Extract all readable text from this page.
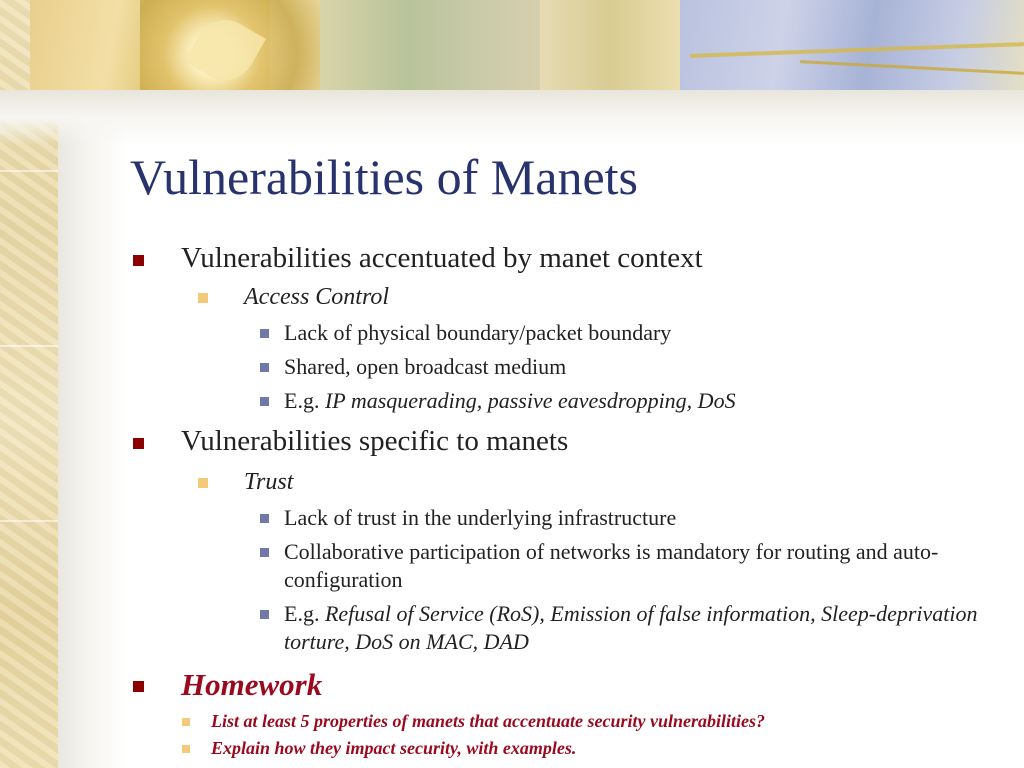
Vulnerabilities of Manets
Vulnerabilities accentuated by manet context
Access Control
Lack of physical boundary/packet boundary
Shared, open broadcast medium
E.g. IP masquerading, passive eavesdropping, DoS
Vulnerabilities specific to manets
Trust
Lack of trust in the underlying infrastructure
Collaborative participation of networks is mandatory for routing and auto-configuration
E.g. Refusal of Service (RoS), Emission of false information, Sleep-deprivation torture, DoS on MAC, DAD
Homework
List at least 5 properties of manets that accentuate security vulnerabilities?
Explain how they impact security, with examples.
